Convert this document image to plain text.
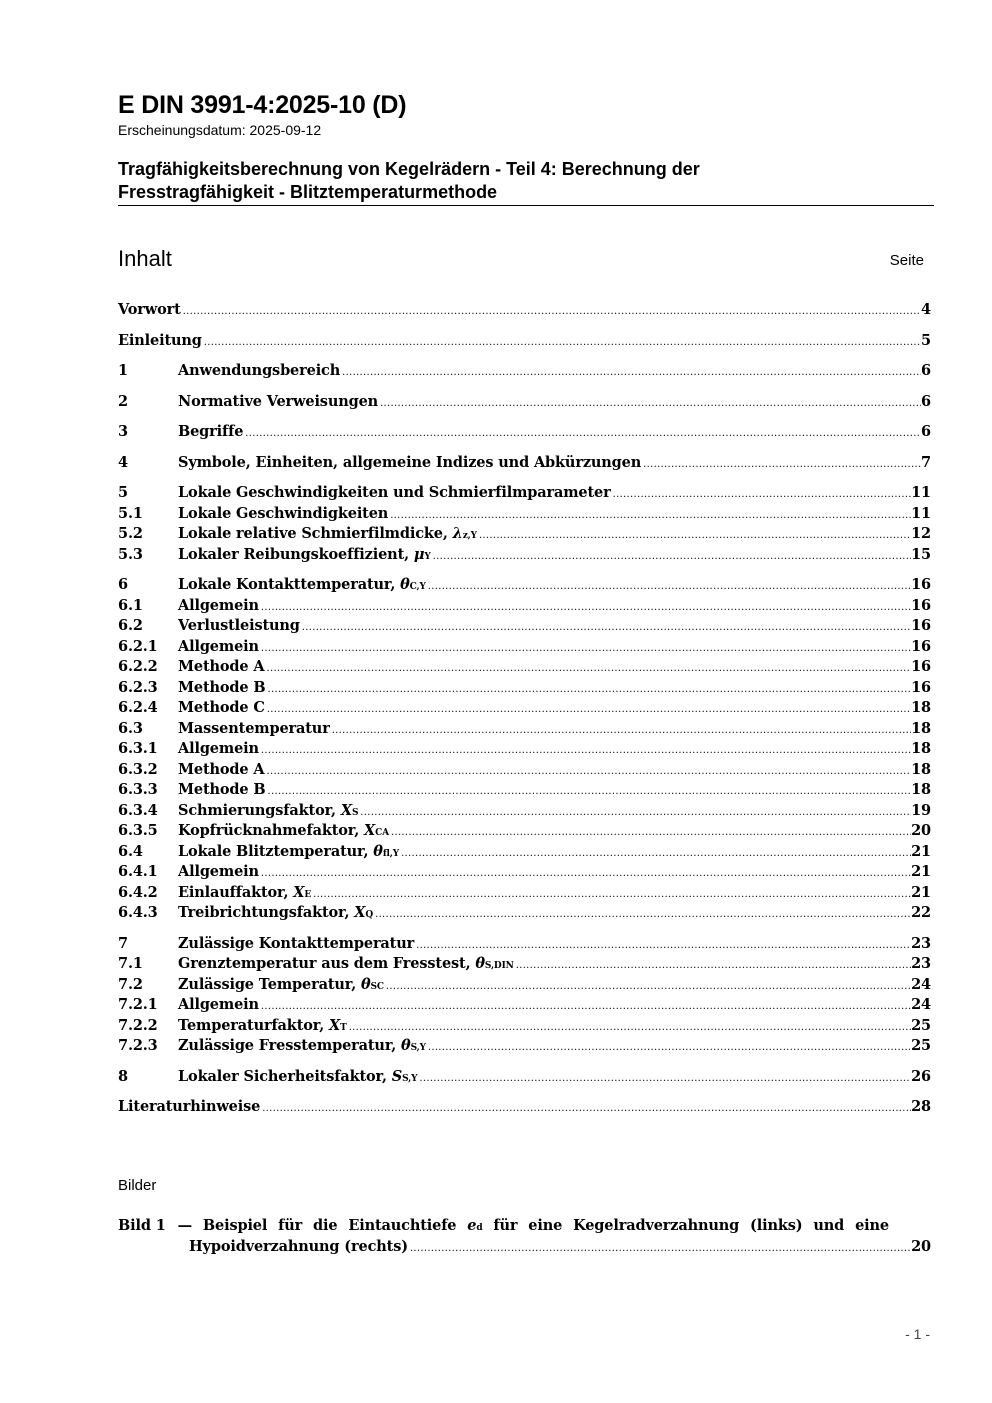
E DIN 3991-4:2025-10 (D)
Erscheinungsdatum: 2025-09-12
Tragfähigkeitsberechnung von Kegelrädern - Teil 4: Berechnung der
Fresstragfähigkeit - Blitztemperaturmethode
Inhalt	Seite
Vorwort .....	4
Einleitung .....	5
1	Anwendungsbereich .....	6
2	Normative Verweisungen .....	6
3	Begriffe .....	6
4	Symbole, Einheiten, allgemeine Indizes und Abkürzungen .....	7
5	Lokale Geschwindigkeiten und Schmierfilmparameter .....	11
5.1	Lokale Geschwindigkeiten .....	11
5.2	Lokale relative Schmierfilmdicke, λz,Y .....	12
5.3	Lokaler Reibungskoeffizient, μY .....	15
6	Lokale Kontakttemperatur, θC,Y .....	16
6.1	Allgemein .....	16
6.2	Verlustleistung .....	16
6.2.1	Allgemein .....	16
6.2.2	Methode A .....	16
6.2.3	Methode B .....	16
6.2.4	Methode C .....	18
6.3	Massentemperatur .....	18
6.3.1	Allgemein .....	18
6.3.2	Methode A .....	18
6.3.3	Methode B .....	18
6.3.4	Schmierungsfaktor, XS .....	19
6.3.5	Kopfrücknahmefaktor, XCA .....	20
6.4	Lokale Blitztemperatur, θfl,Y .....	21
6.4.1	Allgemein .....	21
6.4.2	Einlauffaktor, XE .....	21
6.4.3	Treibrichtungsfaktor, XQ .....	22
7	Zulässige Kontakttemperatur .....	23
7.1	Grenztemperatur aus dem Fresstest, θS,DIN .....	23
7.2	Zulässige Temperatur, θSC .....	24
7.2.1	Allgemein .....	24
7.2.2	Temperaturfaktor, XT .....	25
7.2.3	Zulässige Fresstemperatur, θS,Y .....	25
8	Lokaler Sicherheitsfaktor, SS,Y .....	26
Literaturhinweise .....	28
Bilder
Bild 1 — Beispiel für die Eintauchtiefe ed für eine Kegelradverzahnung (links) und eine
Hypoidverzahnung (rechts) .....	20
- 1 -
